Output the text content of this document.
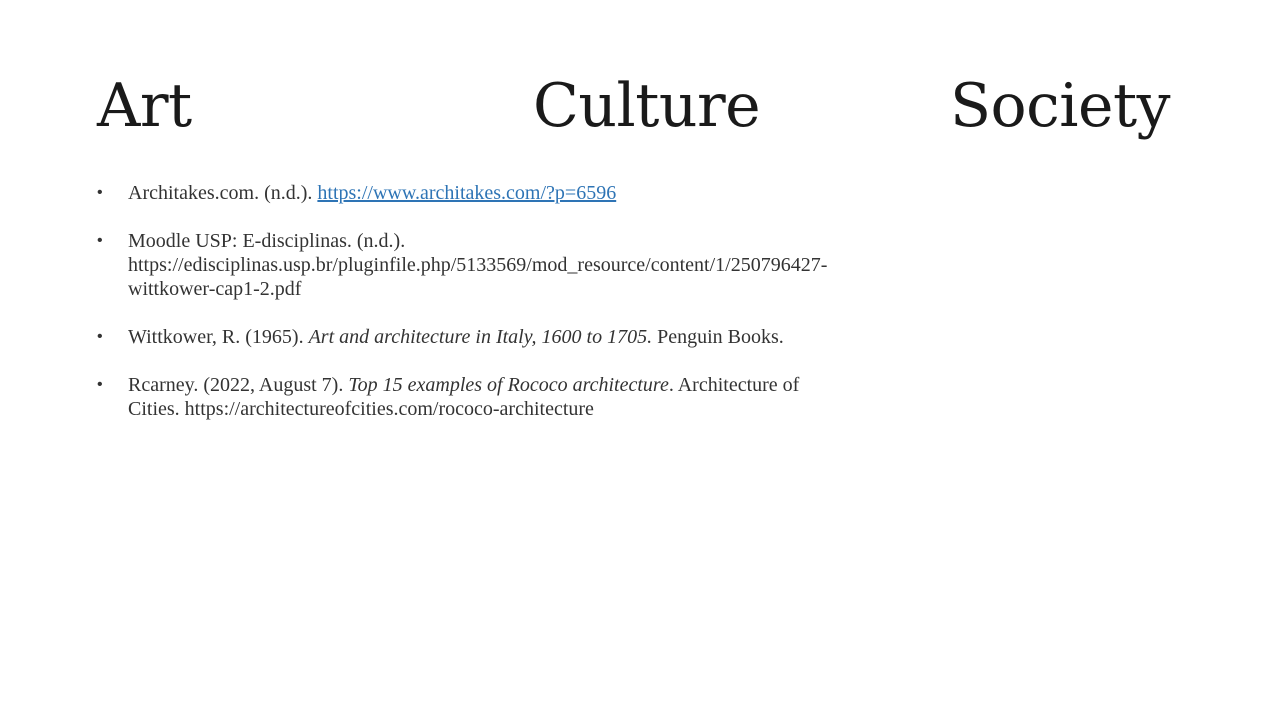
Art	Culture	Society
• Architakes.com. (n.d.). https://www.architakes.com/?p=6596
• Moodle USP: E-disciplinas. (n.d.).
https://edisciplinas.usp.br/pluginfile.php/5133569/mod_resource/content/1/250796427-
wittkower-cap1-2.pdf
• Wittkower, R. (1965). Art and architecture in Italy, 1600 to 1705. Penguin Books.
• Rcarney. (2022, August 7). Top 15 examples of Rococo architecture. Architecture of
Cities. https://architectureofcities.com/rococo-architecture
